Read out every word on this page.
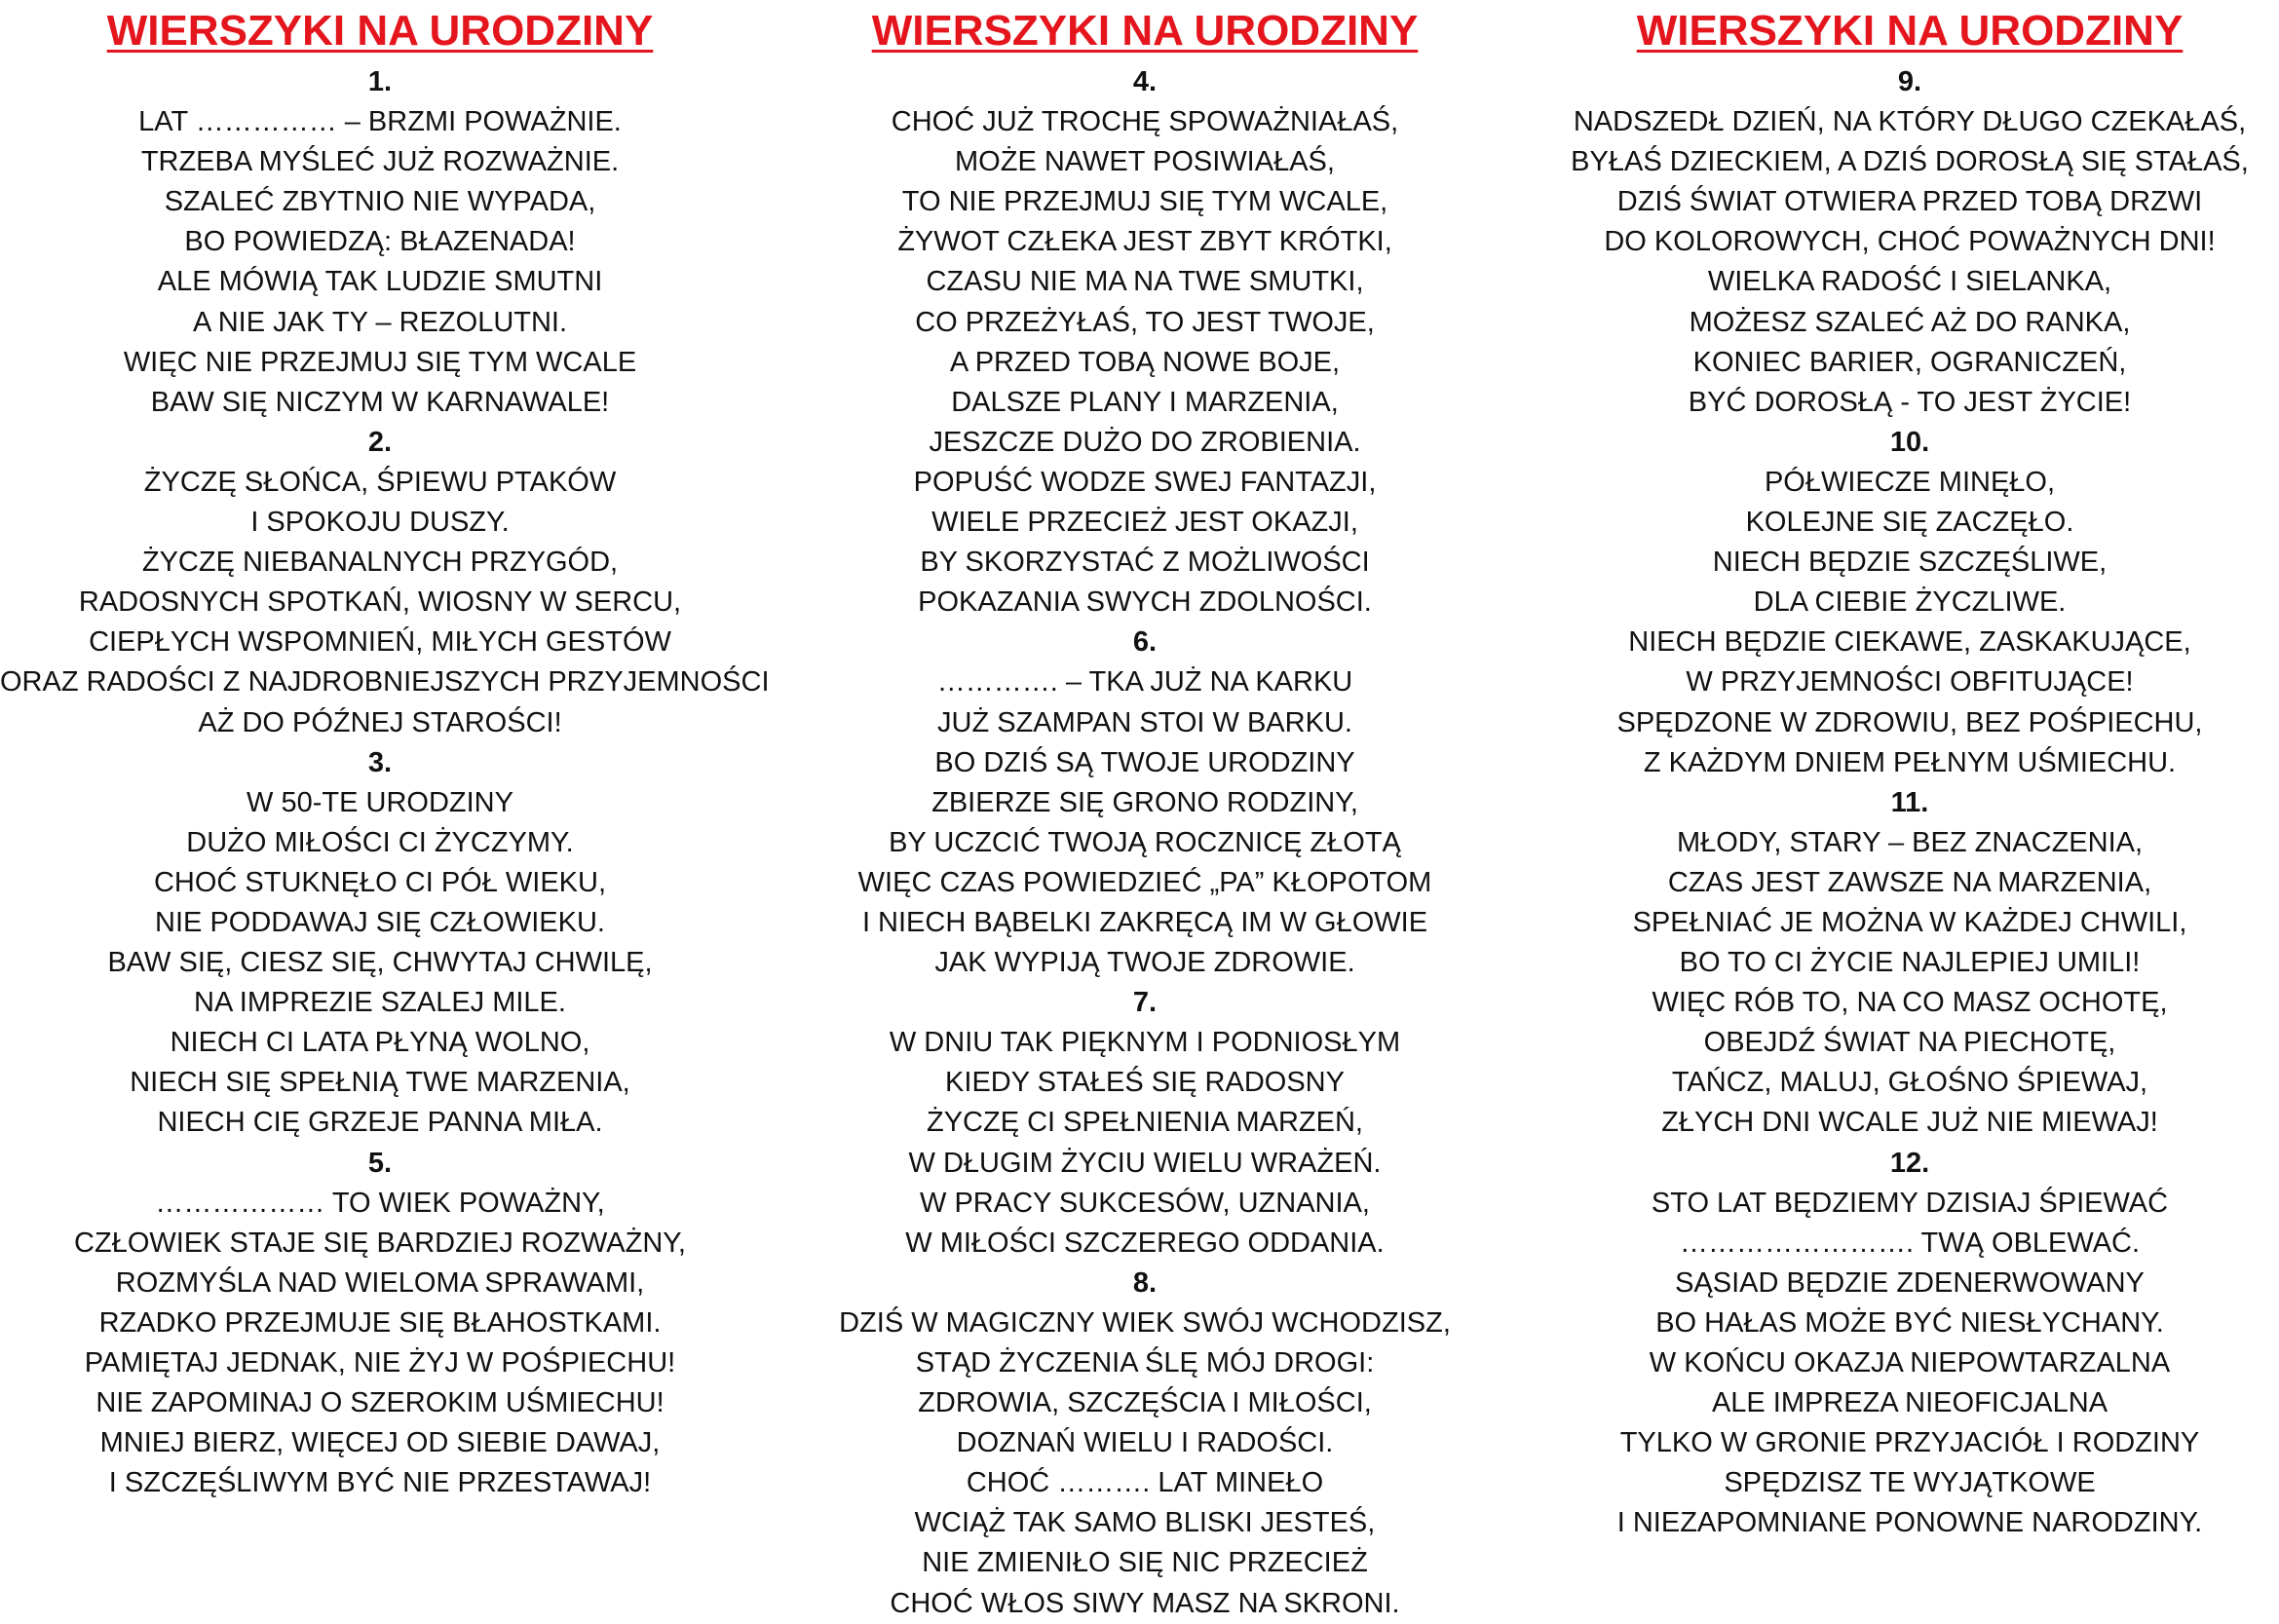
WIERSZYKI NA URODZINY
1.
LAT …………… – BRZMI POWAŻNIE.
TRZEBA MYŚLEĆ JUŻ ROZWAŻNIE.
SZALEĆ ZBYTNIO NIE WYPADA,
BO POWIEDZĄ: BŁAZENADA!
ALE MÓWIĄ TAK LUDZIE SMUTNI
A NIE JAK TY – REZOLUTNI.
WIĘC NIE PRZEJMUJ SIĘ TYM WCALE
BAW SIĘ NICZYM W KARNAWALE!
2.
ŻYCZĘ SŁOŃCA, ŚPIEWU PTAKÓW
I SPOKOJU DUSZY.
ŻYCZĘ NIEBANALNYCH PRZYGÓD,
RADOSNYCH SPOTKAŃ, WIOSNY W SERCU,
CIEPŁYCH WSPOMNIEŃ, MIŁYCH GESTÓW
ORAZ RADOŚCI Z NAJDROBNIEJSZYCH PRZYJEMNOŚCI
AŻ DO PÓŹNEJ STAROŚCI!
3.
W 50-TE URODZINY
DUŻO MIŁOŚCI CI ŻYCZYMY.
CHOĆ STUKNĘŁO CI PÓŁ WIEKU,
NIE PODDAWAJ SIĘ CZŁOWIEKU.
BAW SIĘ, CIESZ SIĘ, CHWYTAJ CHWILĘ,
NA IMPREZIE SZALEJ MILE.
NIECH CI LATA PŁYNĄ WOLNO,
NIECH SIĘ SPEŁNIĄ TWE MARZENIA,
NIECH CIĘ GRZEJE PANNA MIŁA.
5.
……………… TO WIEK POWAŻNY,
CZŁOWIEK STAJE SIĘ BARDZIEJ ROZWAŻNY,
ROZMYŚLA NAD WIELOMA SPRAWAMI,
RZADKO PRZEJMUJE SIĘ BŁAHOSTKAMI.
PAMIĘTAJ JEDNAK, NIE ŻYJ W POŚPIECHU!
NIE ZAPOMINAJ O SZEROKIM UŚMIECHU!
MNIEJ BIERZ, WIĘCEJ OD SIEBIE DAWAJ,
I SZCZĘŚLIWYM BYĆ NIE PRZESTAWAJ!
WIERSZYKI NA URODZINY
4.
CHOĆ JUŻ TROCHĘ SPOWAŻNIAŁAŚ,
MOŻE NAWET POSIWIAŁAŚ,
TO NIE PRZEJMUJ SIĘ TYM WCALE,
ŻYWOT CZŁEKA JEST ZBYT KRÓTKI,
CZASU NIE MA NA TWE SMUTKI,
CO PRZEŻYŁAŚ, TO JEST TWOJE,
A PRZED TOBĄ NOWE BOJE,
DALSZE PLANY I MARZENIA,
JESZCZE DUŻO DO ZROBIENIA.
POPUŚĆ WODZE SWEJ FANTAZJI,
WIELE PRZECIEŻ JEST OKAZJI,
BY SKORZYSTAĆ Z MOŻLIWOŚCI
POKAZANIA SWYCH ZDOLNOŚCI.
6.
…………. – TKA JUŻ NA KARKU
JUŻ SZAMPAN STOI W BARKU.
BO DZIŚ SĄ TWOJE URODZINY
ZBIERZE SIĘ GRONO RODZINY,
BY UCZCIĆ TWOJĄ ROCZNICĘ ZŁOTĄ
WIĘC CZAS POWIEDZIEĆ „PA” KŁOPOTOM
I NIECH BĄBELKI ZAKRĘCĄ IM W GŁOWIE
JAK WYPIJĄ TWOJE ZDROWIE.
7.
W DNIU TAK PIĘKNYM I PODNIOSŁYM
KIEDY STAŁEŚ SIĘ RADOSNY
ŻYCZĘ CI SPEŁNIENIA MARZEŃ,
W DŁUGIM ŻYCIU WIELU WRAŻEŃ.
W PRACY SUKCESÓW, UZNANIA,
W MIŁOŚCI SZCZEREGO ODDANIA.
8.
DZIŚ W MAGICZNY WIEK SWÓJ WCHODZISZ,
STĄD ŻYCZENIA ŚLĘ MÓJ DROGI:
ZDROWIA, SZCZĘŚCIA I MIŁOŚCI,
DOZNAŃ WIELU I RADOŚCI.
CHOĆ ………. LAT MINEŁO
WCIĄŻ TAK SAMO BLISKI JESTEŚ,
NIE ZMIENIŁO SIĘ NIC PRZECIEŻ
CHOĆ WŁOS SIWY MASZ NA SKRONI.
WIERSZYKI NA URODZINY
9.
NADSZEDŁ DZIEŃ, NA KTÓRY DŁUGO CZEKAŁAŚ,
BYŁAŚ DZIECKIEM, A DZIŚ DOROSŁĄ SIĘ STAŁAŚ,
DZIŚ ŚWIAT OTWIERA PRZED TOBĄ DRZWI
DO KOLOROWYCH, CHOĆ POWAŻNYCH DNI!
WIELKA RADOŚĆ I SIELANKA,
MOŻESZ SZALEĆ AŻ DO RANKA,
KONIEC BARIER, OGRANICZEŃ,
BYĆ DOROSŁĄ - TO JEST ŻYCIE!
10.
PÓŁWIECZE MINĘŁO,
KOLEJNE SIĘ ZACZĘŁO.
NIECH BĘDZIE SZCZĘŚLIWE,
DLA CIEBIE ŻYCZLIWE.
NIECH BĘDZIE CIEKAWE, ZASKAKUJĄCE,
W PRZYJEMNOŚCI OBFITUJĄCE!
SPĘDZONE W ZDROWIU, BEZ POŚPIECHU,
Z KAŻDYM DNIEM PEŁNYM UŚMIECHU.
11.
MŁODY, STARY – BEZ ZNACZENIA,
CZAS JEST ZAWSZE NA MARZENIA,
SPEŁNIAĆ JE MOŻNA W KAŻDEJ CHWILI,
BO TO CI ŻYCIE NAJLEPIEJ UMILI!
WIĘC RÓB TO, NA CO MASZ OCHOTĘ,
OBEJDŹ ŚWIAT NA PIECHOTĘ,
TAŃCZ, MALUJ, GŁOŚNO ŚPIEWAJ,
ZŁYCH DNI WCALE JUŻ NIE MIEWAJ!
12.
STO LAT BĘDZIEMY DZISIAJ ŚPIEWAĆ
……………………. TWĄ OBLEWAĆ.
SĄSIAD BĘDZIE ZDENERWOWANY
BO HAŁAS MOŻE BYĆ NIESŁYCHANY.
W KOŃCU OKAZJA NIEPOWTARZALNA
ALE IMPREZA NIEOFICJALNA
TYLKO W GRONIE PRZYJACIÓŁ I RODZINY
SPĘDZISZ TE WYJĄTKOWE
I NIEZAPOMNIANE PONOWNE NARODZINY.
